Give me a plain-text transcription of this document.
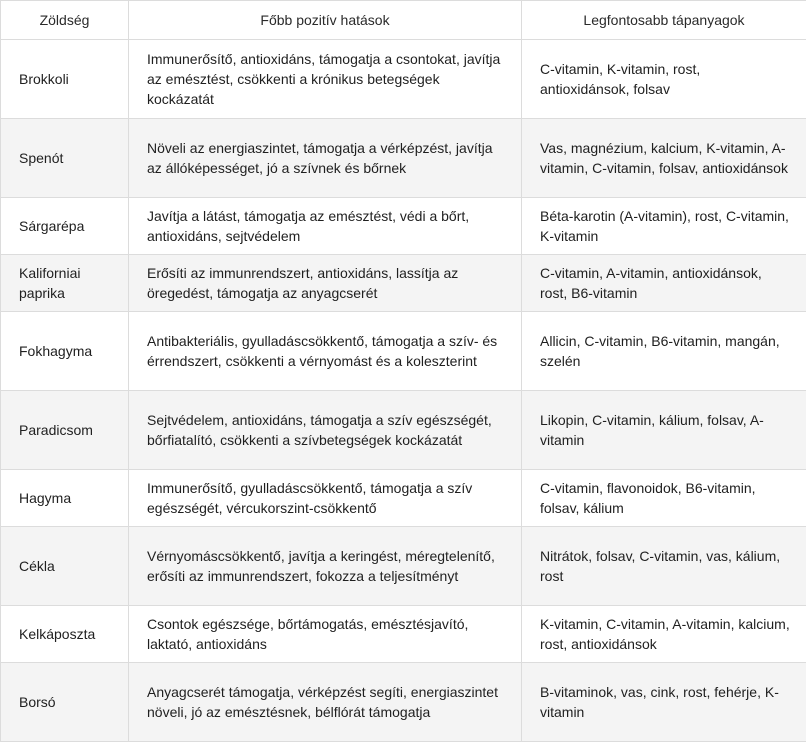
Zöldség	Főbb pozitív hatások	Legfontosabb tápanyagok
Brokkoli	Immunerősítő, antioxidáns, támogatja a csontokat, javítja az emésztést, csökkenti a krónikus betegségek kockázatát	C-vitamin, K-vitamin, rost, antioxidánsok, folsav
Spenót	Növeli az energiaszintet, támogatja a vérképzést, javítja az állóképességet, jó a szívnek és bőrnek	Vas, magnézium, kalcium, K-vitamin, A-vitamin, C-vitamin, folsav, antioxidánsok
Sárgarépa	Javítja a látást, támogatja az emésztést, védi a bőrt, antioxidáns, sejtvédelem	Béta-karotin (A-vitamin), rost, C-vitamin, K-vitamin
Kaliforniai paprika	Erősíti az immunrendszert, antioxidáns, lassítja az öregedést, támogatja az anyagcserét	C-vitamin, A-vitamin, antioxidánsok, rost, B6-vitamin
Fokhagyma	Antibakteriális, gyulladáscsökkentő, támogatja a szív- és érrendszert, csökkenti a vérnyomást és a koleszterint	Allicin, C-vitamin, B6-vitamin, mangán, szelén
Paradicsom	Sejtvédelem, antioxidáns, támogatja a szív egészségét, bőrfiatalító, csökkenti a szívbetegségek kockázatát	Likopin, C-vitamin, kálium, folsav, A-vitamin
Hagyma	Immunerősítő, gyulladáscsökkentő, támogatja a szív egészségét, vércukorszint-csökkentő	C-vitamin, flavonoidok, B6-vitamin, folsav, kálium
Cékla	Vérnyomáscsökkentő, javítja a keringést, méregtelenítő, erősíti az immunrendszert, fokozza a teljesítményt	Nitrátok, folsav, C-vitamin, vas, kálium, rost
Kelkáposzta	Csontok egészsége, bőrtámogatás, emésztésjavító, laktató, antioxidáns	K-vitamin, C-vitamin, A-vitamin, kalcium, rost, antioxidánsok
Borsó	Anyagcserét támogatja, vérképzést segíti, energiaszintet növeli, jó az emésztésnek, bélflórát támogatja	B-vitaminok, vas, cink, rost, fehérje, K-vitamin
